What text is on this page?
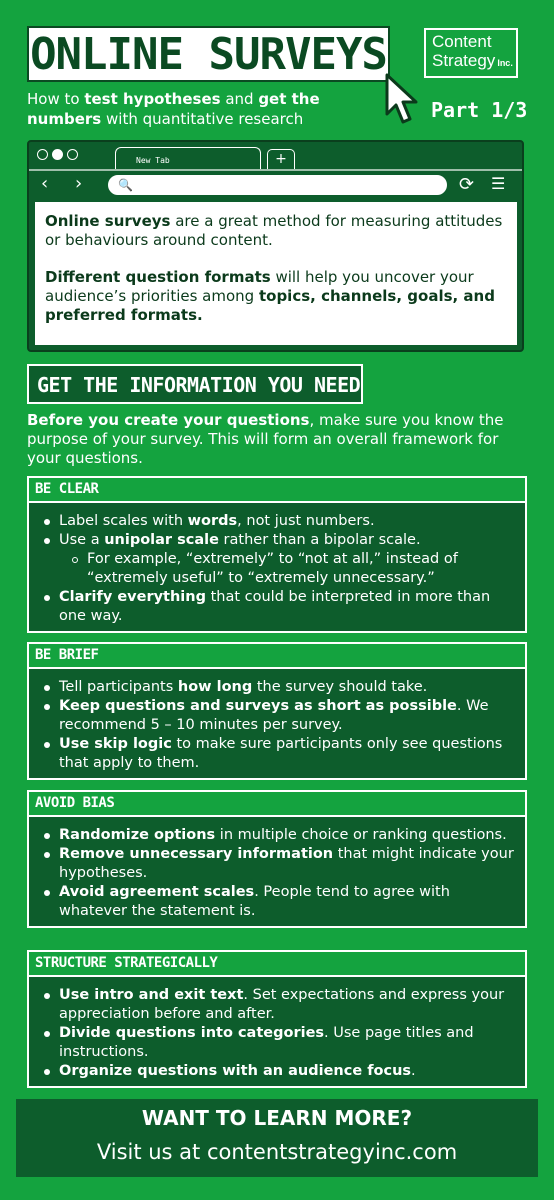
ONLINE SURVEYS	Content
Strategy Inc.
How to test hypotheses and get the numbers with quantitative research	Part 1/3
New Tab	+
‹ ›	🔍	⟳ ☰

Online surveys are a great method for measuring attitudes or behaviours around content.

Different question formats will help you uncover your audience’s priorities among topics, channels, goals, and preferred formats.

GET THE INFORMATION YOU NEED
Before you create your questions, make sure you know the purpose of your survey. This will form an overall framework for your questions.
BE CLEAR
Label scales with words, not just numbers.
Use a unipolar scale rather than a bipolar scale.
For example, “extremely” to “not at all,” instead of “extremely useful” to “extremely unnecessary.”
Clarify everything that could be interpreted in more than one way.
BE BRIEF
Tell participants how long the survey should take.
Keep questions and surveys as short as possible. We recommend 5 – 10 minutes per survey.
Use skip logic to make sure participants only see questions that apply to them.
AVOID BIAS
Randomize options in multiple choice or ranking questions.
Remove unnecessary information that might indicate your hypotheses.
Avoid agreement scales. People tend to agree with whatever the statement is.
STRUCTURE STRATEGICALLY
Use intro and exit text. Set expectations and express your appreciation before and after.
Divide questions into categories. Use page titles and instructions.
Organize questions with an audience focus.
WANT TO LEARN MORE?
Visit us at contentstrategyinc.com
